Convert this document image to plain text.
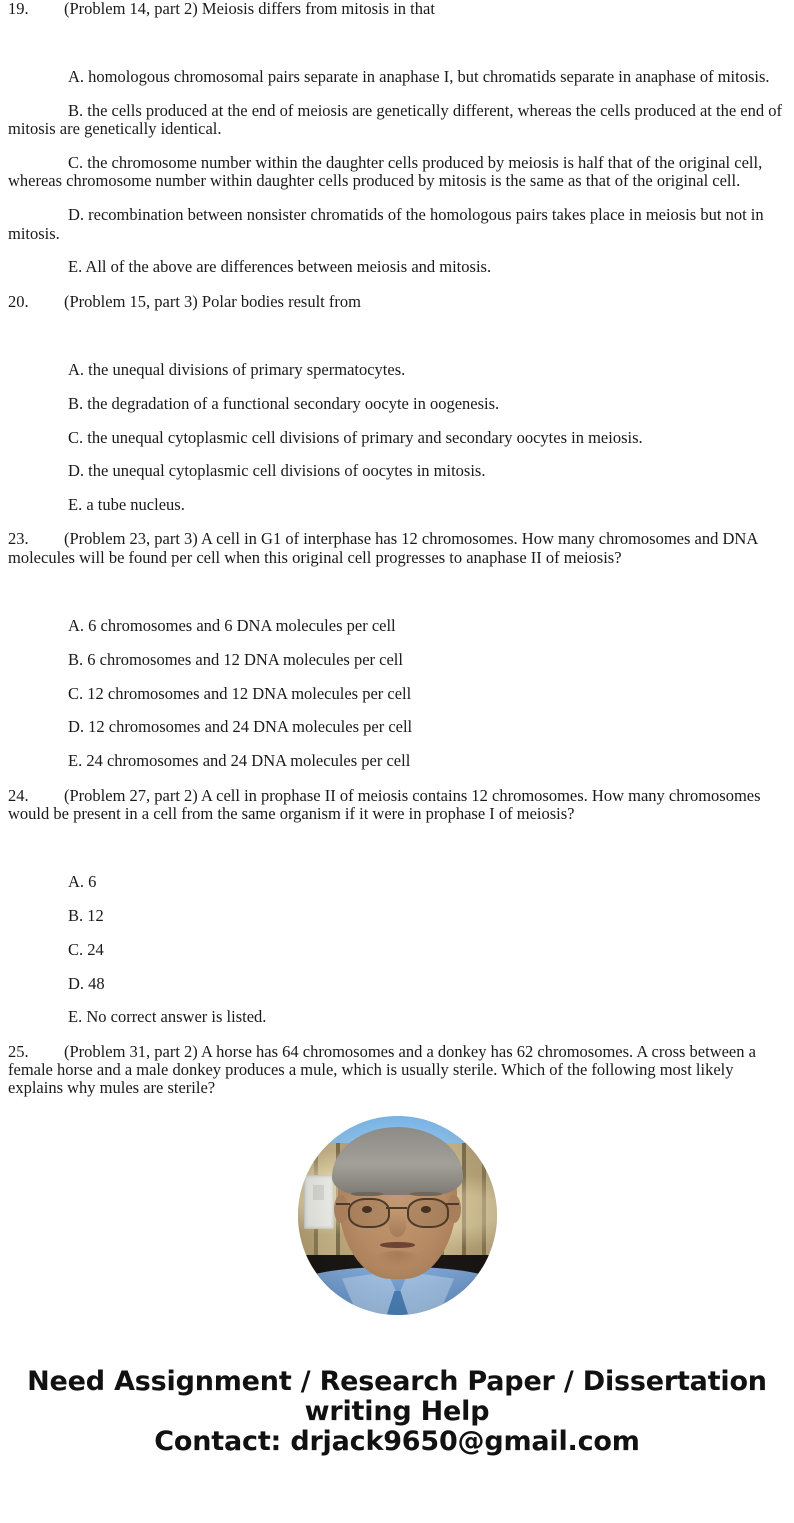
19. (Problem 14, part 2) Meiosis differs from mitosis in that
A. homologous chromosomal pairs separate in anaphase I, but chromatids separate in anaphase of mitosis.
B. the cells produced at the end of meiosis are genetically different, whereas the cells produced at the end of mitosis are genetically identical.
C. the chromosome number within the daughter cells produced by meiosis is half that of the original cell, whereas chromosome number within daughter cells produced by mitosis is the same as that of the original cell.
D. recombination between nonsister chromatids of the homologous pairs takes place in meiosis but not in mitosis.
E. All of the above are differences between meiosis and mitosis.
20. (Problem 15, part 3) Polar bodies result from
A. the unequal divisions of primary spermatocytes.
B. the degradation of a functional secondary oocyte in oogenesis.
C. the unequal cytoplasmic cell divisions of primary and secondary oocytes in meiosis.
D. the unequal cytoplasmic cell divisions of oocytes in mitosis.
E. a tube nucleus.
23. (Problem 23, part 3) A cell in G1 of interphase has 12 chromosomes. How many chromosomes and DNA molecules will be found per cell when this original cell progresses to anaphase II of meiosis?
A. 6 chromosomes and 6 DNA molecules per cell
B. 6 chromosomes and 12 DNA molecules per cell
C. 12 chromosomes and 12 DNA molecules per cell
D. 12 chromosomes and 24 DNA molecules per cell
E. 24 chromosomes and 24 DNA molecules per cell
24. (Problem 27, part 2) A cell in prophase II of meiosis contains 12 chromosomes. How many chromosomes would be present in a cell from the same organism if it were in prophase I of meiosis?
A. 6
B. 12
C. 24
D. 48
E. No correct answer is listed.
25. (Problem 31, part 2) A horse has 64 chromosomes and a donkey has 62 chromosomes. A cross between a female horse and a male donkey produces a mule, which is usually sterile. Which of the following most likely explains why mules are sterile?
Need Assignment / Research Paper / Dissertation
writing Help
Contact: drjack9650@gmail.com
